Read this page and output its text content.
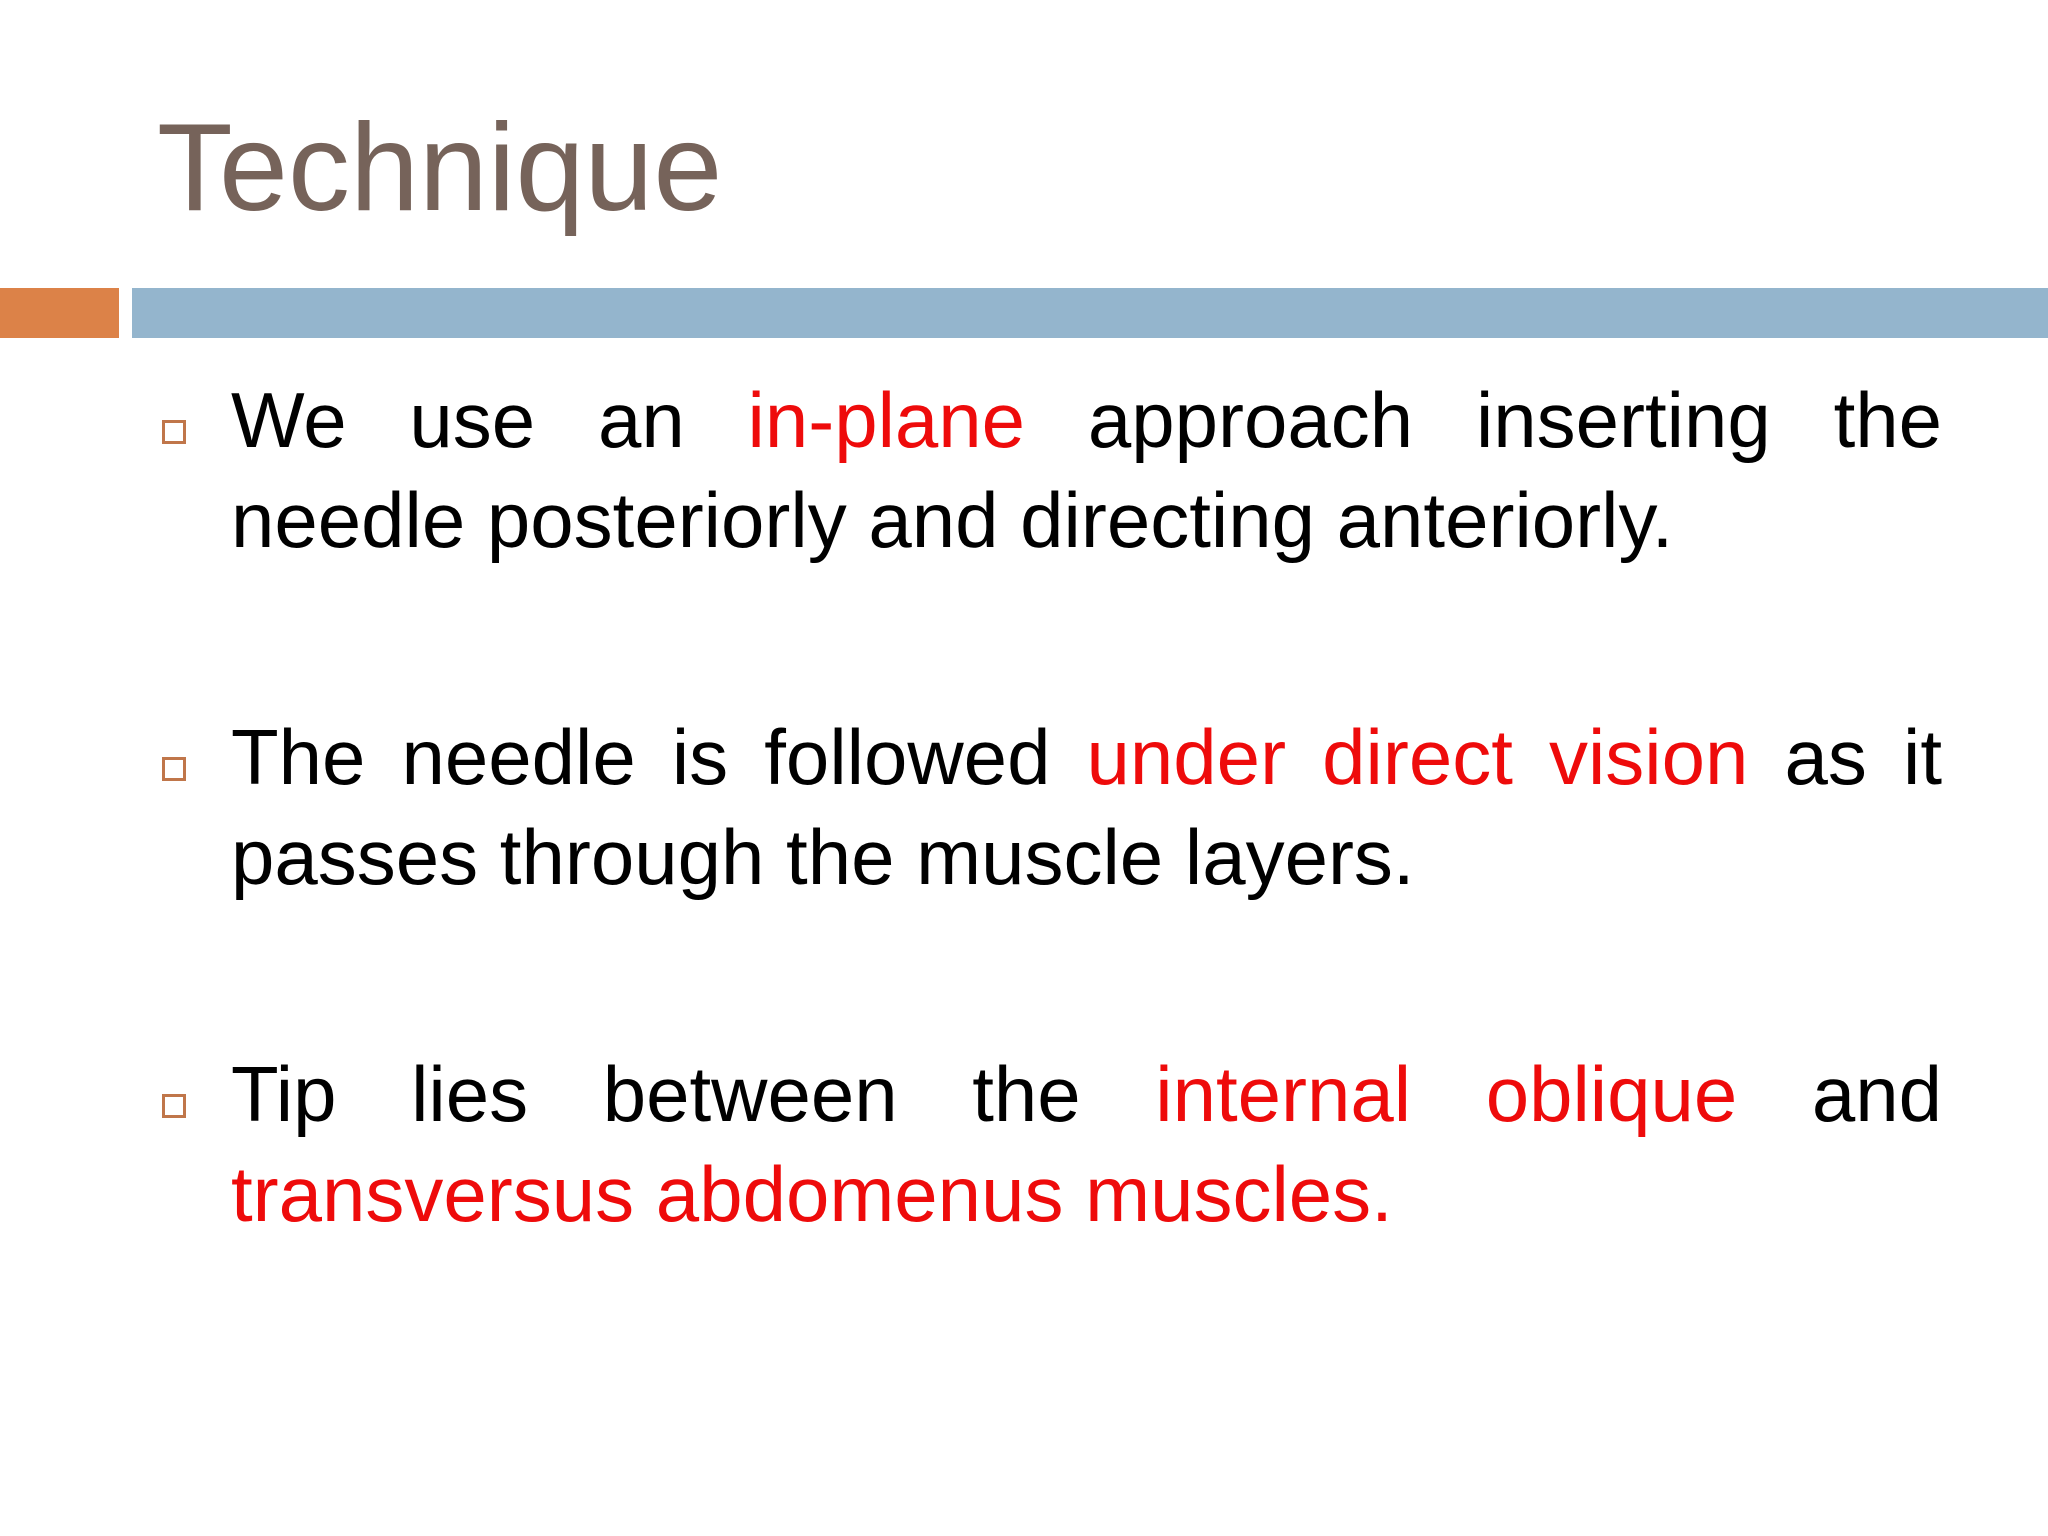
Technique
We use an in-plane approach inserting the needle posteriorly and directing anteriorly.
The needle is followed under direct vision as it passes through the muscle layers.
Tip lies between the internal oblique and transversus abdomenus muscles.
